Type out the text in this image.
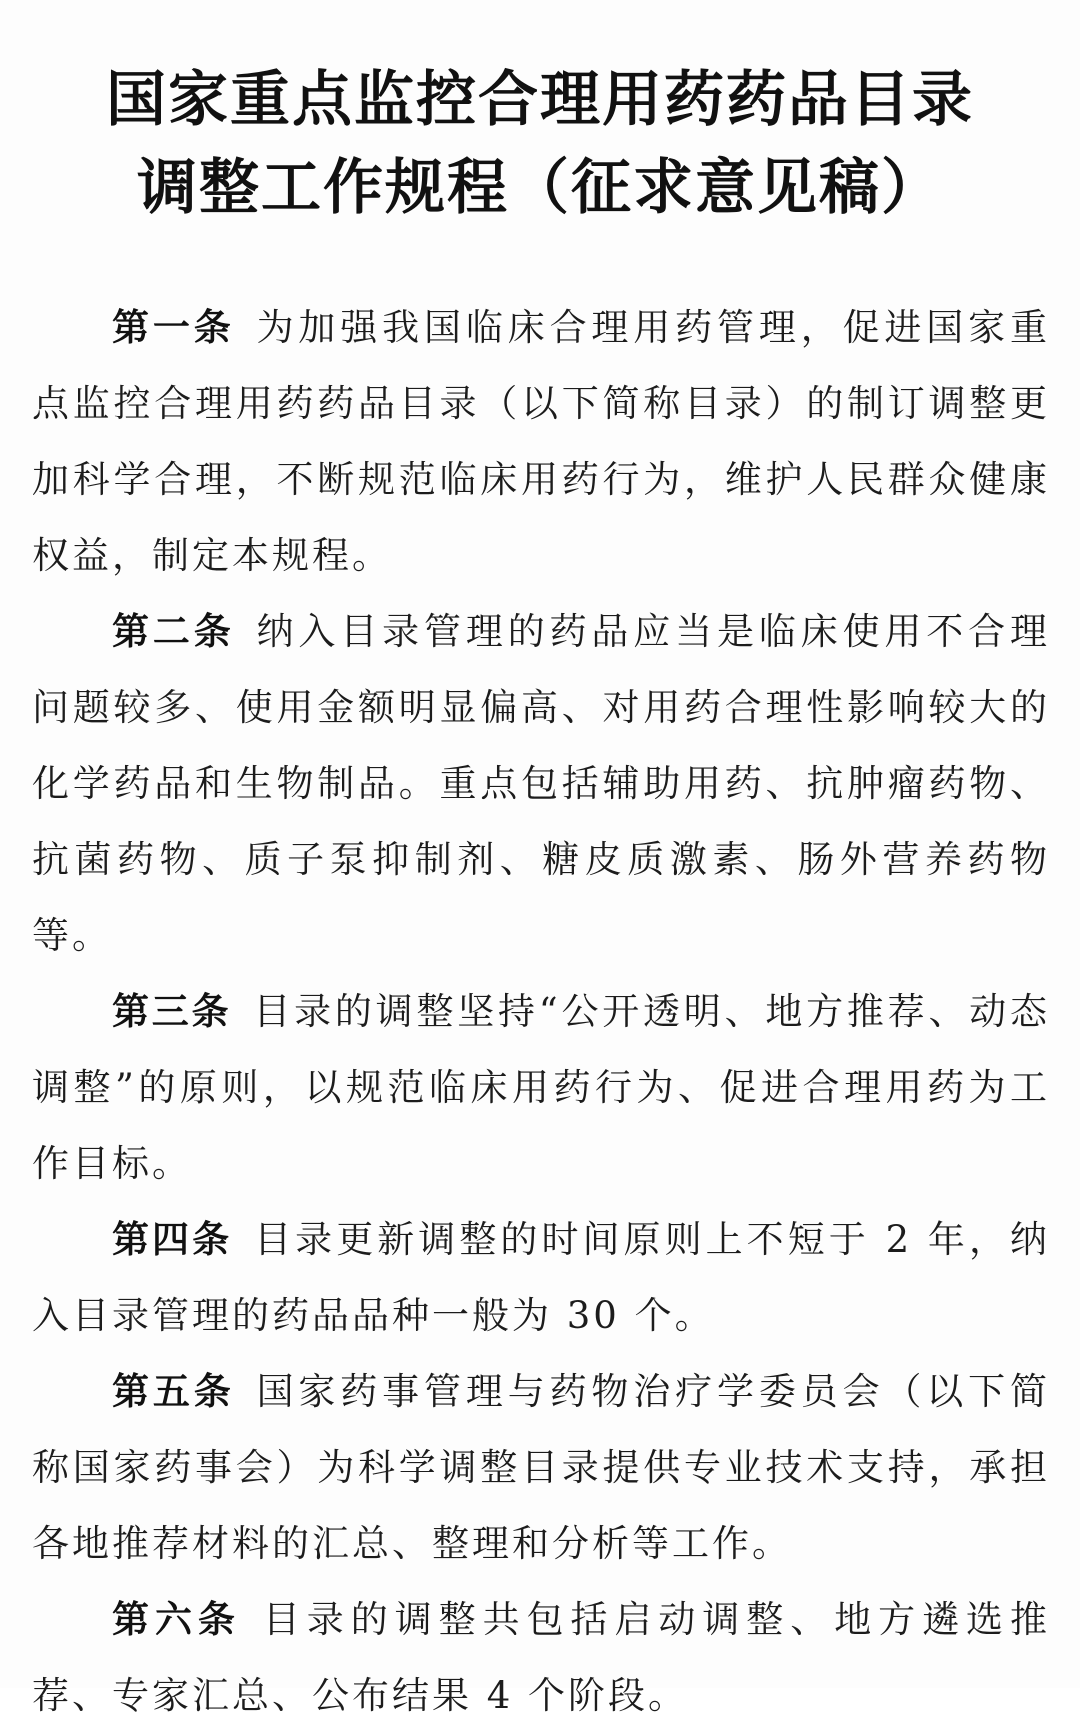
国家重点监控合理用药药品目录
调整工作规程（征求意见稿）

第一条 为加强我国临床合理用药管理，促进国家重点监控合理用药药品目录（以下简称目录）的制订调整更加科学合理，不断规范临床用药行为，维护人民群众健康权益，制定本规程。

第二条 纳入目录管理的药品应当是临床使用不合理问题较多、使用金额明显偏高、对用药合理性影响较大的化学药品和生物制品。重点包括辅助用药、抗肿瘤药物、抗菌药物、质子泵抑制剂、糖皮质激素、肠外营养药物等。

第三条 目录的调整坚持“公开透明、地方推荐、动态调整”的原则，以规范临床用药行为、促进合理用药为工作目标。

第四条 目录更新调整的时间原则上不短于 2 年，纳入目录管理的药品品种一般为 30 个。

第五条 国家药事管理与药物治疗学委员会（以下简称国家药事会）为科学调整目录提供专业技术支持，承担各地推荐材料的汇总、整理和分析等工作。

第六条 目录的调整共包括启动调整、地方遴选推荐、专家汇总、公布结果 4 个阶段。
